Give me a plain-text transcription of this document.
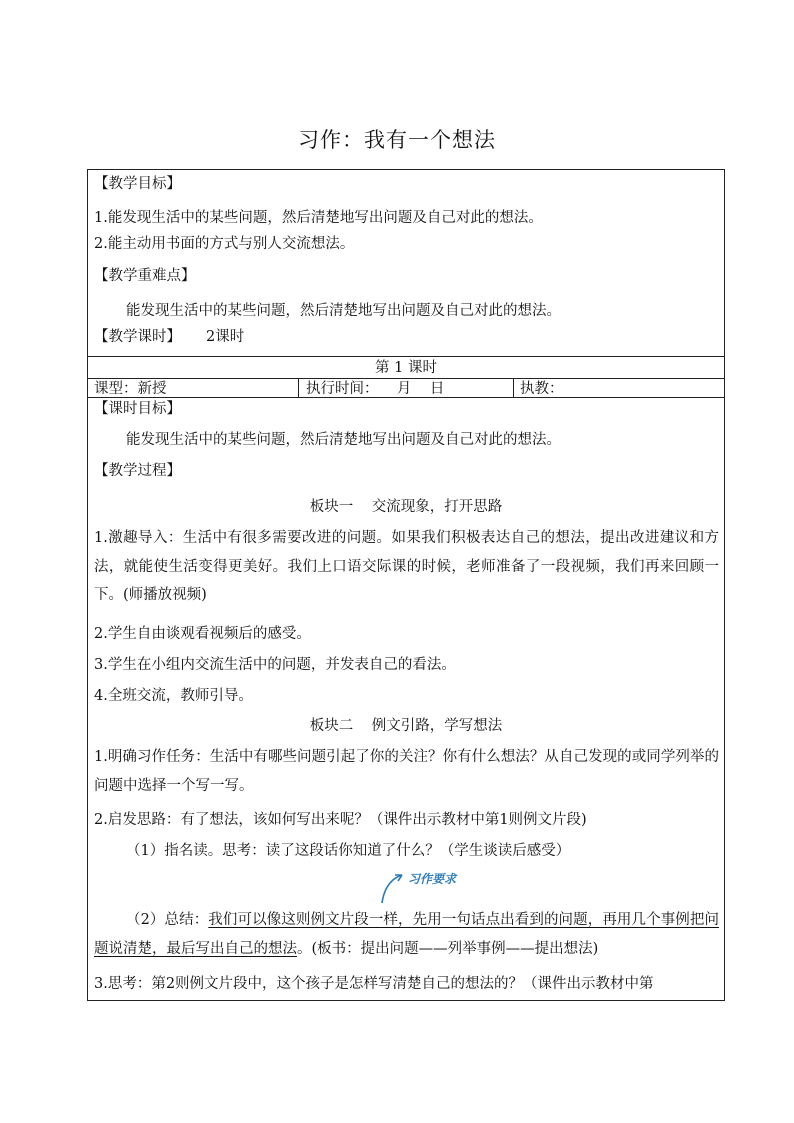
习作：我有一个想法
【教学目标】
1.能发现生活中的某些问题，然后清楚地写出问题及自己对此的想法。
2.能主动用书面的方式与别人交流想法。
【教学重难点】
能发现生活中的某些问题，然后清楚地写出问题及自己对此的想法。
【教学课时】 2课时
第 1 课时
课型：新授	执行时间：    月    日	执教：
【课时目标】
能发现生活中的某些问题，然后清楚地写出问题及自己对此的想法。
【教学过程】
板块一    交流现象，打开思路
1.激趣导入：生活中有很多需要改进的问题。如果我们积极表达自己的想法，提出改进建议和方法，就能使生活变得更美好。我们上口语交际课的时候，老师准备了一段视频，我们再来回顾一下。(师播放视频)
2.学生自由谈观看视频后的感受。
3.学生在小组内交流生活中的问题，并发表自己的看法。
4.全班交流，教师引导。
板块二    例文引路，学写想法
1.明确习作任务：生活中有哪些问题引起了你的关注？你有什么想法？从自己发现的或同学列举的问题中选择一个写一写。
2.启发思路：有了想法，该如何写出来呢？（课件出示教材中第1则例文片段)
（1）指名读。思考：读了这段话你知道了什么？（学生谈读后感受）
习作要求
（2）总结：我们可以像这则例文片段一样，先用一句话点出看到的问题，再用几个事例把问题说清楚，最后写出自己的想法。(板书：提出问题——列举事例——提出想法)
3.思考：第2则例文片段中，这个孩子是怎样写清楚自己的想法的？（课件出示教材中第
